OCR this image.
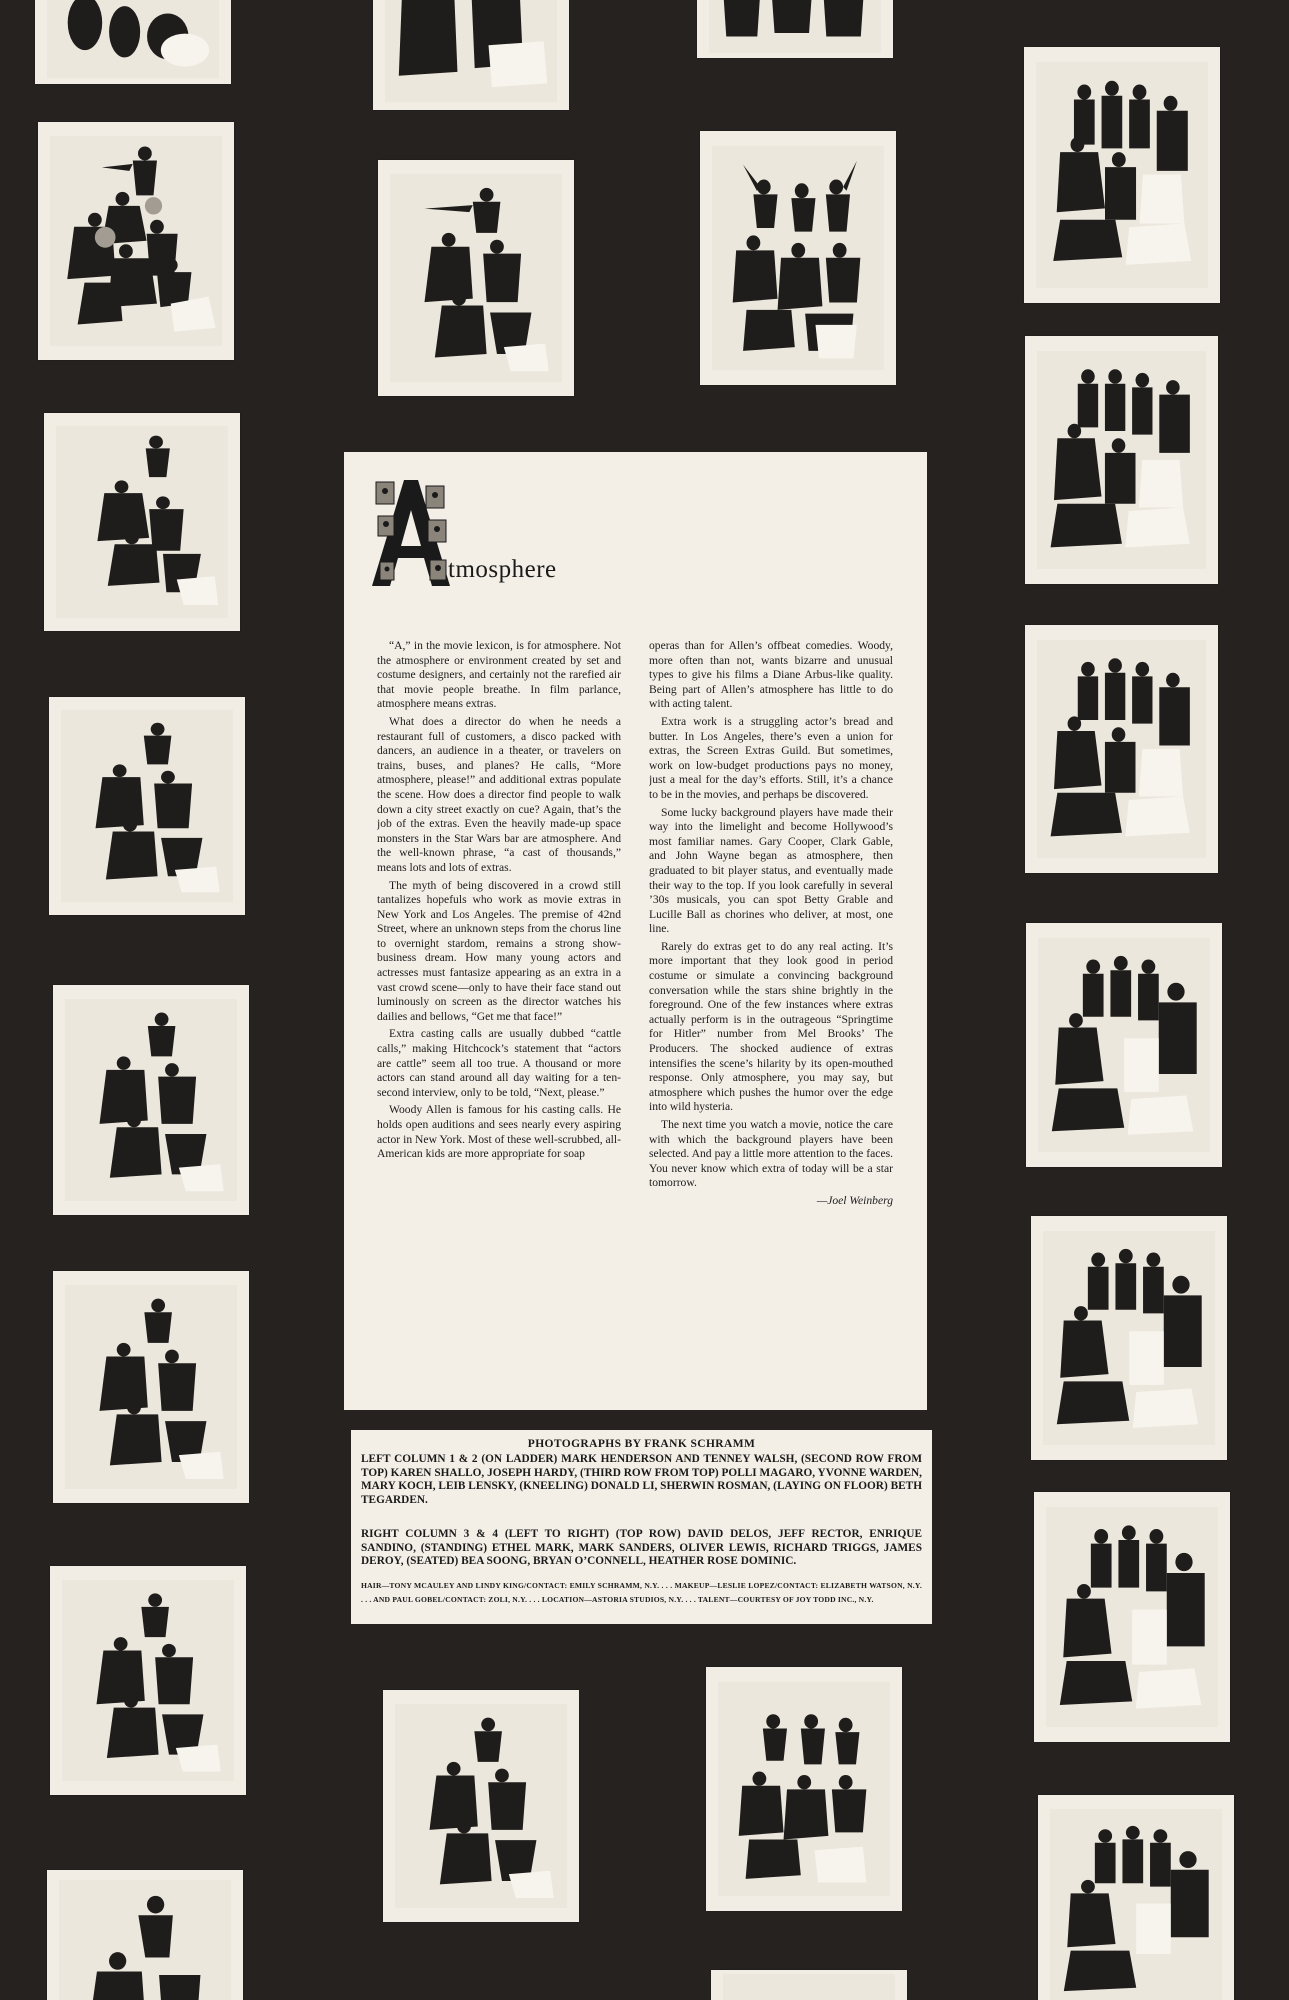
tmosphere

“A,” in the movie lexicon, is for atmosphere. Not the atmosphere or environment created by set and costume designers, and certainly not the rarefied air that movie people breathe. In film parlance, atmosphere means extras.

What does a director do when he needs a restaurant full of customers, a disco packed with dancers, an audience in a theater, or travelers on trains, buses, and planes? He calls, “More atmosphere, please!” and additional extras populate the scene. How does a director find people to walk down a city street exactly on cue? Again, that’s the job of the extras. Even the heavily made-up space monsters in the Star Wars bar are atmosphere. And the well-known phrase, “a cast of thousands,” means lots and lots of extras.

The myth of being discovered in a crowd still tantalizes hopefuls who work as movie extras in New York and Los Angeles. The premise of 42nd Street, where an unknown steps from the chorus line to overnight stardom, remains a strong show-business dream. How many young actors and actresses must fantasize appearing as an extra in a vast crowd scene—only to have their face stand out luminously on screen as the director watches his dailies and bellows, “Get me that face!”

Extra casting calls are usually dubbed “cattle calls,” making Hitchcock’s statement that “actors are cattle” seem all too true. A thousand or more actors can stand around all day waiting for a ten-second interview, only to be told, “Next, please.”

Woody Allen is famous for his casting calls. He holds open auditions and sees nearly every aspiring actor in New York. Most of these well-scrubbed, all-American kids are more appropriate for soap

operas than for Allen’s offbeat comedies. Woody, more often than not, wants bizarre and unusual types to give his films a Diane Arbus-like quality. Being part of Allen’s atmosphere has little to do with acting talent.

Extra work is a struggling actor’s bread and butter. In Los Angeles, there’s even a union for extras, the Screen Extras Guild. But sometimes, work on low-budget productions pays no money, just a meal for the day’s efforts. Still, it’s a chance to be in the movies, and perhaps be discovered.

Some lucky background players have made their way into the limelight and become Hollywood’s most familiar names. Gary Cooper, Clark Gable, and John Wayne began as atmosphere, then graduated to bit player status, and eventually made their way to the top. If you look carefully in several ’30s musicals, you can spot Betty Grable and Lucille Ball as chorines who deliver, at most, one line.

Rarely do extras get to do any real acting. It’s more important that they look good in period costume or simulate a convincing background conversation while the stars shine brightly in the foreground. One of the few instances where extras actually perform is in the outrageous “Springtime for Hitler” number from Mel Brooks’ The Producers. The shocked audience of extras intensifies the scene’s hilarity by its open-mouthed response. Only atmosphere, you may say, but atmosphere which pushes the humor over the edge into wild hysteria.

The next time you watch a movie, notice the care with which the background players have been selected. And pay a little more attention to the faces. You never know which extra of today will be a star tomorrow.

—Joel Weinberg

PHOTOGRAPHS BY FRANK SCHRAMM
LEFT COLUMN 1 & 2 (ON LADDER) MARK HENDERSON AND TENNEY WALSH, (SECOND ROW FROM TOP) KAREN SHALLO, JOSEPH HARDY, (THIRD ROW FROM TOP) POLLI MAGARO, YVONNE WARDEN, MARY KOCH, LEIB LENSKY, (KNEELING) DONALD LI, SHERWIN ROSMAN, (LAYING ON FLOOR) BETH TEGARDEN.
RIGHT COLUMN 3 & 4 (LEFT TO RIGHT) (TOP ROW) DAVID DELOS, JEFF RECTOR, ENRIQUE SANDINO, (STANDING) ETHEL MARK, MARK SANDERS, OLIVER LEWIS, RICHARD TRIGGS, JAMES DEROY, (SEATED) BEA SOONG, BRYAN O’CONNELL, HEATHER ROSE DOMINIC.
HAIR—TONY MCAULEY AND LINDY KING/CONTACT: EMILY SCHRAMM, N.Y. . . . MAKEUP—LESLIE LOPEZ/CONTACT: ELIZABETH WATSON, N.Y. . . . AND PAUL GOBEL/CONTACT: ZOLI, N.Y. . . . LOCATION—ASTORIA STUDIOS, N.Y. . . . TALENT—COURTESY OF JOY TODD INC., N.Y.
